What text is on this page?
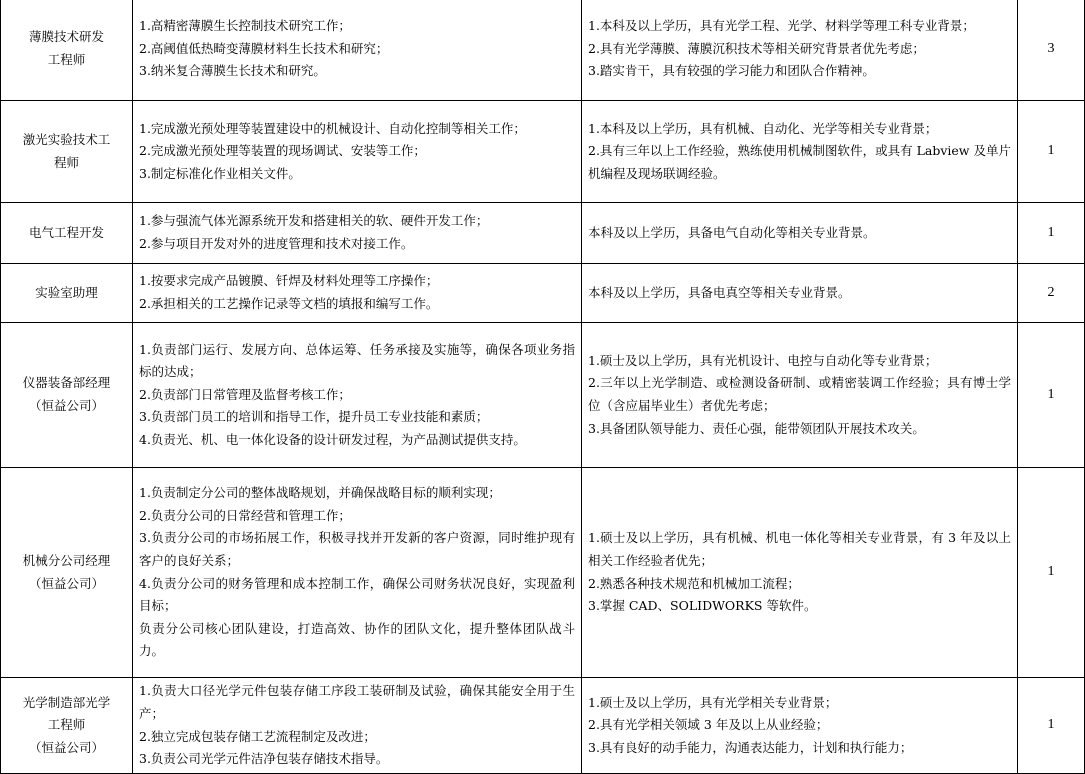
薄膜技术研发
工程师	1.高精密薄膜生长控制技术研究工作；
2.高阈值低热畸变薄膜材料生长技术和研究；
3.纳米复合薄膜生长技术和研究。	1.本科及以上学历，具有光学工程、光学、材料学等理工科专业背景；
2.具有光学薄膜、薄膜沉积技术等相关研究背景者优先考虑；
3.踏实肯干，具有较强的学习能力和团队合作精神。	3

激光实验技术工
程师	1.完成激光预处理等装置建设中的机械设计、自动化控制等相关工作；
2.完成激光预处理等装置的现场调试、安装等工作；
3.制定标准化作业相关文件。	1.本科及以上学历，具有机械、自动化、光学等相关专业背景；
2.具有三年以上工作经验，熟练使用机械制图软件，或具有 Labview 及单片机编程及现场联调经验。	1

电气工程开发	1.参与强流气体光源系统开发和搭建相关的软、硬件开发工作；
2.参与项目开发对外的进度管理和技术对接工作。	本科及以上学历，具备电气自动化等相关专业背景。	1

实验室助理	1.按要求完成产品镀膜、钎焊及材料处理等工序操作；
2.承担相关的工艺操作记录等文档的填报和编写工作。	本科及以上学历，具备电真空等相关专业背景。	2

仪器装备部经理
（恒益公司）	1.负责部门运行、发展方向、总体运筹、任务承接及实施等，确保各项业务指标的达成；
2.负责部门日常管理及监督考核工作；
3.负责部门员工的培训和指导工作，提升员工专业技能和素质；
4.负责光、机、电一体化设备的设计研发过程，为产品测试提供支持。	1.硕士及以上学历，具有光机设计、电控与自动化等专业背景；
2.三年以上光学制造、或检测设备研制、或精密装调工作经验；具有博士学位（含应届毕业生）者优先考虑；
3.具备团队领导能力、责任心强，能带领团队开展技术攻关。	1

机械分公司经理
（恒益公司）	1.负责制定分公司的整体战略规划，并确保战略目标的顺利实现；
2.负责分公司的日常经营和管理工作；
3.负责分公司的市场拓展工作，积极寻找并开发新的客户资源，同时维护现有客户的良好关系；
4.负责分公司的财务管理和成本控制工作，确保公司财务状况良好，实现盈利目标；
负责分公司核心团队建设，打造高效、协作的团队文化，提升整体团队战斗力。	1.硕士及以上学历，具有机械、机电一体化等相关专业背景，有 3 年及以上相关工作经验者优先；
2.熟悉各种技术规范和机械加工流程；
3.掌握 CAD、SOLIDWORKS 等软件。	1

光学制造部光学
工程师
（恒益公司）	1.负责大口径光学元件包装存储工序段工装研制及试验，确保其能安全用于生产；
2.独立完成包装存储工艺流程制定及改进；
3.负责公司光学元件洁净包装存储技术指导。	1.硕士及以上学历，具有光学相关专业背景；
2.具有光学相关领域 3 年及以上从业经验；
3.具有良好的动手能力，沟通表达能力，计划和执行能力；	1
